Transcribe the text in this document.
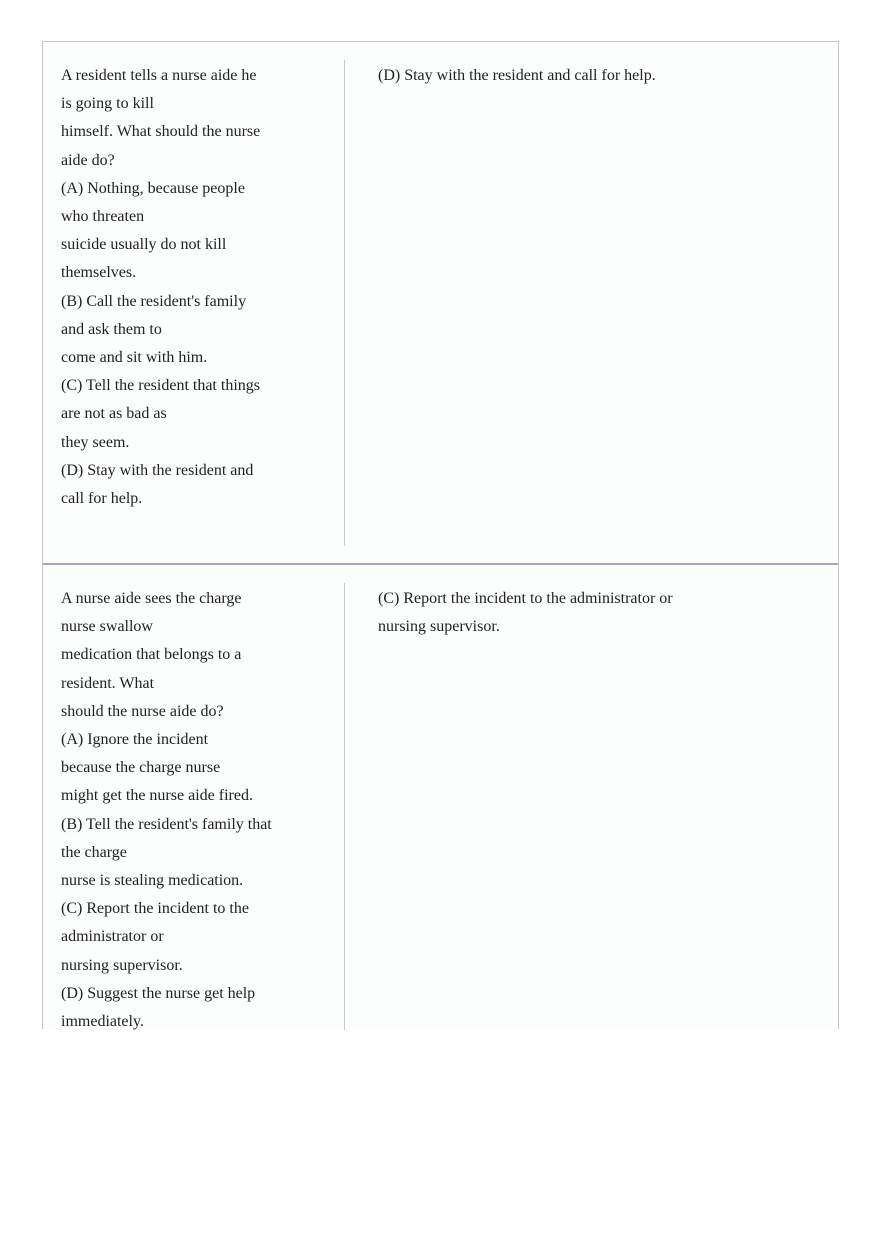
A resident tells a nurse aide he
is going to kill
himself. What should the nurse
aide do?
(A) Nothing, because people
who threaten
suicide usually do not kill
themselves.
(B) Call the resident's family
and ask them to
come and sit with him.
(C) Tell the resident that things
are not as bad as
they seem.
(D) Stay with the resident and
call for help.
(D) Stay with the resident and call for help.
A nurse aide sees the charge
nurse swallow
medication that belongs to a
resident. What
should the nurse aide do?
(A) Ignore the incident
because the charge nurse
might get the nurse aide fired.
(B) Tell the resident's family that
the charge
nurse is stealing medication.
(C) Report the incident to the
administrator or
nursing supervisor.
(D) Suggest the nurse get help
immediately.
(C) Report the incident to the administrator or
nursing supervisor.
